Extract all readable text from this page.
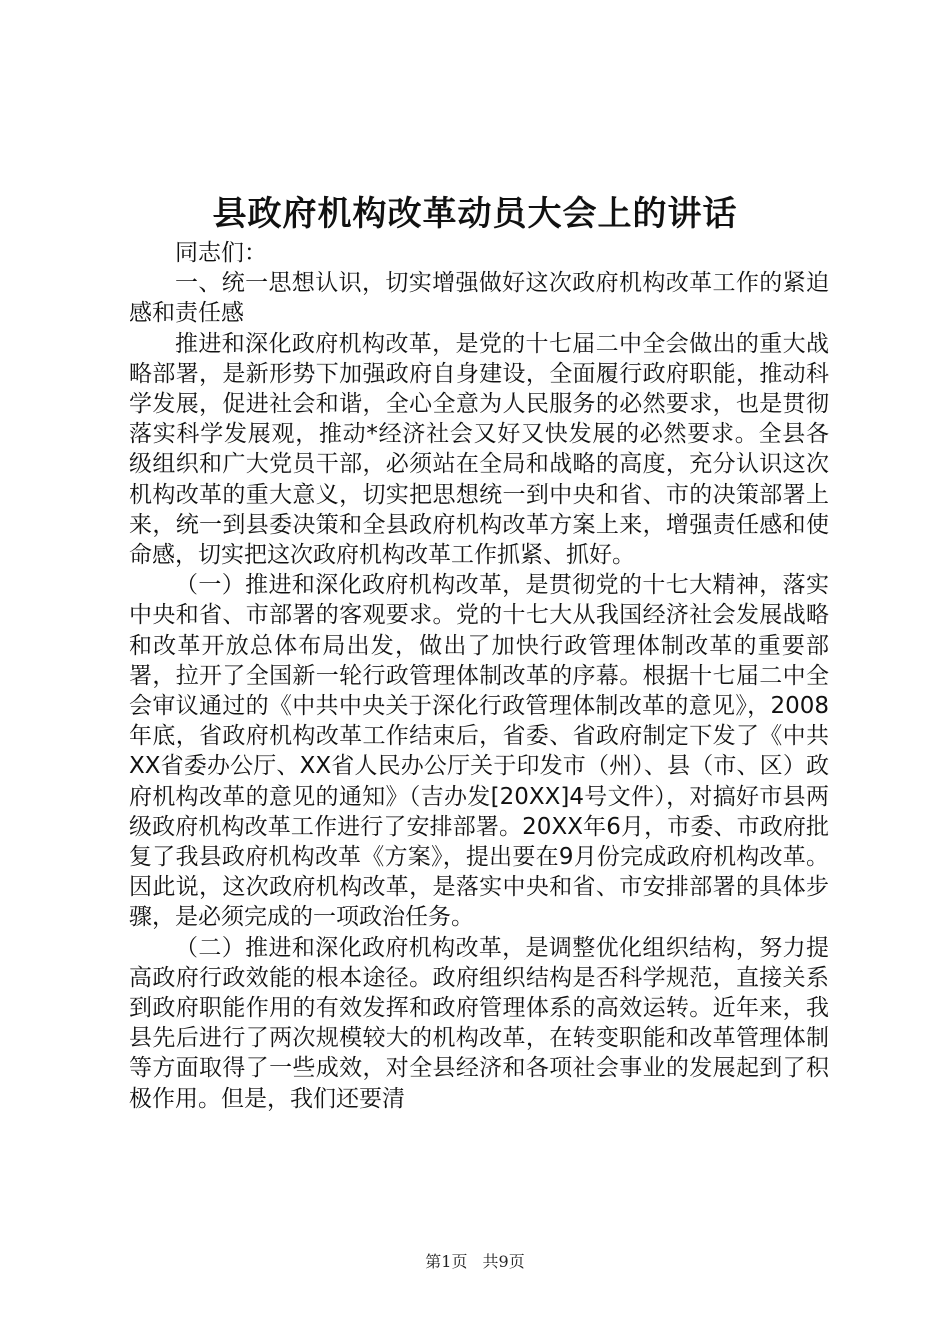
县政府机构改革动员大会上的讲话

同志们：

一、统一思想认识，切实增强做好这次政府机构改革工作的紧迫感和责任感

推进和深化政府机构改革，是党的十七届二中全会做出的重大战略部署，是新形势下加强政府自身建设，全面履行政府职能，推动科学发展，促进社会和谐，全心全意为人民服务的必然要求，也是贯彻落实科学发展观，推动*经济社会又好又快发展的必然要求。全县各级组织和广大党员干部，必须站在全局和战略的高度，充分认识这次机构改革的重大意义，切实把思想统一到中央和省、市的决策部署上来，统一到县委决策和全县政府机构改革方案上来，增强责任感和使命感，切实把这次政府机构改革工作抓紧、抓好。

（一）推进和深化政府机构改革，是贯彻党的十七大精神，落实中央和省、市部署的客观要求。党的十七大从我国经济社会发展战略和改革开放总体布局出发，做出了加快行政管理体制改革的重要部署，拉开了全国新一轮行政管理体制改革的序幕。根据十七届二中全会审议通过的《中共中央关于深化行政管理体制改革的意见》，2008年底，省政府机构改革工作结束后，省委、省政府制定下发了《中共XX省委办公厅、XX省人民办公厅关于印发市（州）、县（市、区）政府机构改革的意见的通知》（吉办发[20XX]4号文件），对搞好市县两级政府机构改革工作进行了安排部署。20XX年6月，市委、市政府批复了我县政府机构改革《方案》，提出要在9月份完成政府机构改革。因此说，这次政府机构改革，是落实中央和省、市安排部署的具体步骤，是必须完成的一项政治任务。

（二）推进和深化政府机构改革，是调整优化组织结构，努力提高政府行政效能的根本途径。政府组织结构是否科学规范，直接关系到政府职能作用的有效发挥和政府管理体系的高效运转。近年来，我县先后进行了两次规模较大的机构改革，在转变职能和改革管理体制等方面取得了一些成效，对全县经济和各项社会事业的发展起到了积极作用。但是，我们还要清

第1页 共9页
